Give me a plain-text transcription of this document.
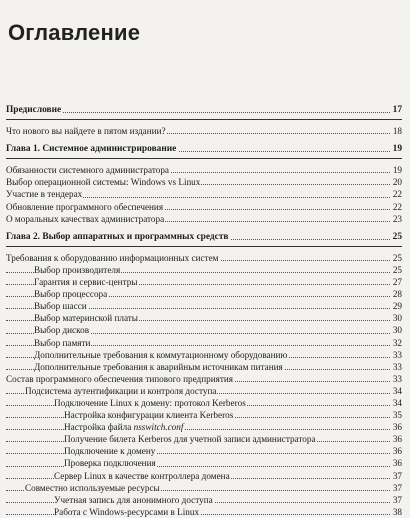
Оглавление
Предисловие	17
Что нового вы найдете в пятом издании?	18
Глава 1. Системное администрирование	19
Обязанности системного администратора	19
Выбор операционной системы: Windows vs Linux	20
Участие в тендерах	22
Обновление программного обеспечения	22
О моральных качествах администратора	23
Глава 2. Выбор аппаратных и программных средств	25
Требования к оборудованию информационных систем	25
Выбор производителя	25
Гарантия и сервис-центры	27
Выбор процессора	28
Выбор шасси	29
Выбор материнской платы	30
Выбор дисков	30
Выбор памяти	32
Дополнительные требования к коммутационному оборудованию	33
Дополнительные требования к аварийным источникам питания	33
Состав программного обеспечения типового предприятия	33
Подсистема аутентификации и контроля доступа	34
Подключение Linux к домену: протокол Kerberos	34
Настройка конфигурации клиента Kerberos	35
Настройка файла nsswitch.conf	36
Получение билета Kerberos для учетной записи администратора	36
Подключение к домену	36
Проверка подключения	36
Сервер Linux в качестве контроллера домена	37
Совместно используемые ресурсы	37
Учетная запись для анонимного доступа	37
Работа с Windows-ресурсами в Linux	38
